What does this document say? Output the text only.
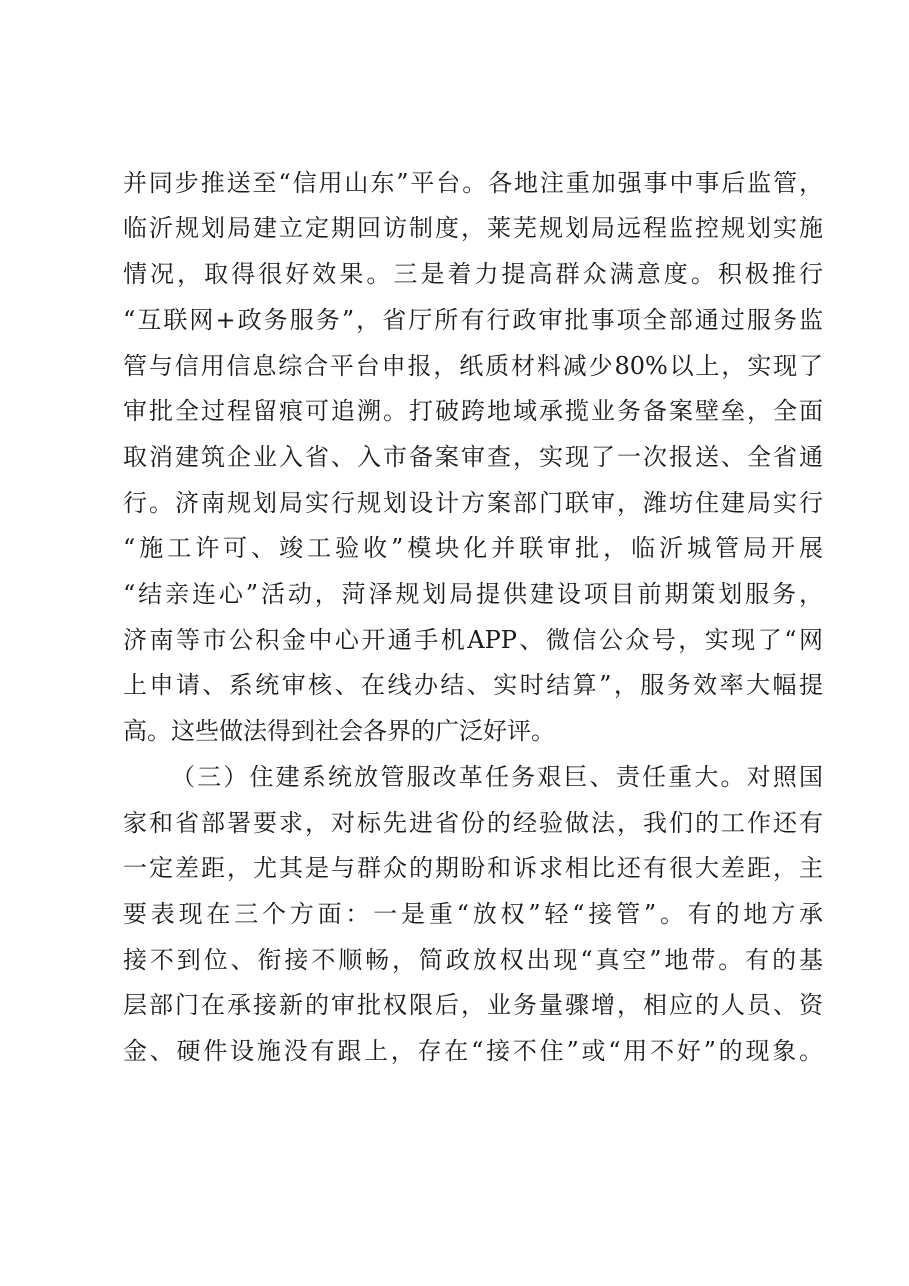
并同步推送至“信用山东”平台。各地注重加强事中事后监管，
临沂规划局建立定期回访制度，莱芜规划局远程监控规划实施
情况，取得很好效果。三是着力提高群众满意度。积极推行
“互联网+政务服务”，省厅所有行政审批事项全部通过服务监
管与信用信息综合平台申报，纸质材料减少80%以上，实现了
审批全过程留痕可追溯。打破跨地域承揽业务备案壁垒，全面
取消建筑企业入省、入市备案审查，实现了一次报送、全省通
行。济南规划局实行规划设计方案部门联审，潍坊住建局实行
“施工许可、竣工验收”模块化并联审批，临沂城管局开展
“结亲连心”活动，菏泽规划局提供建设项目前期策划服务，
济南等市公积金中心开通手机APP、微信公众号，实现了“网
上申请、系统审核、在线办结、实时结算”，服务效率大幅提
高。这些做法得到社会各界的广泛好评。
（三）住建系统放管服改革任务艰巨、责任重大。对照国
家和省部署要求，对标先进省份的经验做法，我们的工作还有
一定差距，尤其是与群众的期盼和诉求相比还有很大差距，主
要表现在三个方面：一是重“放权”轻“接管”。有的地方承
接不到位、衔接不顺畅，简政放权出现“真空”地带。有的基
层部门在承接新的审批权限后，业务量骤增，相应的人员、资
金、硬件设施没有跟上，存在“接不住”或“用不好”的现象。
